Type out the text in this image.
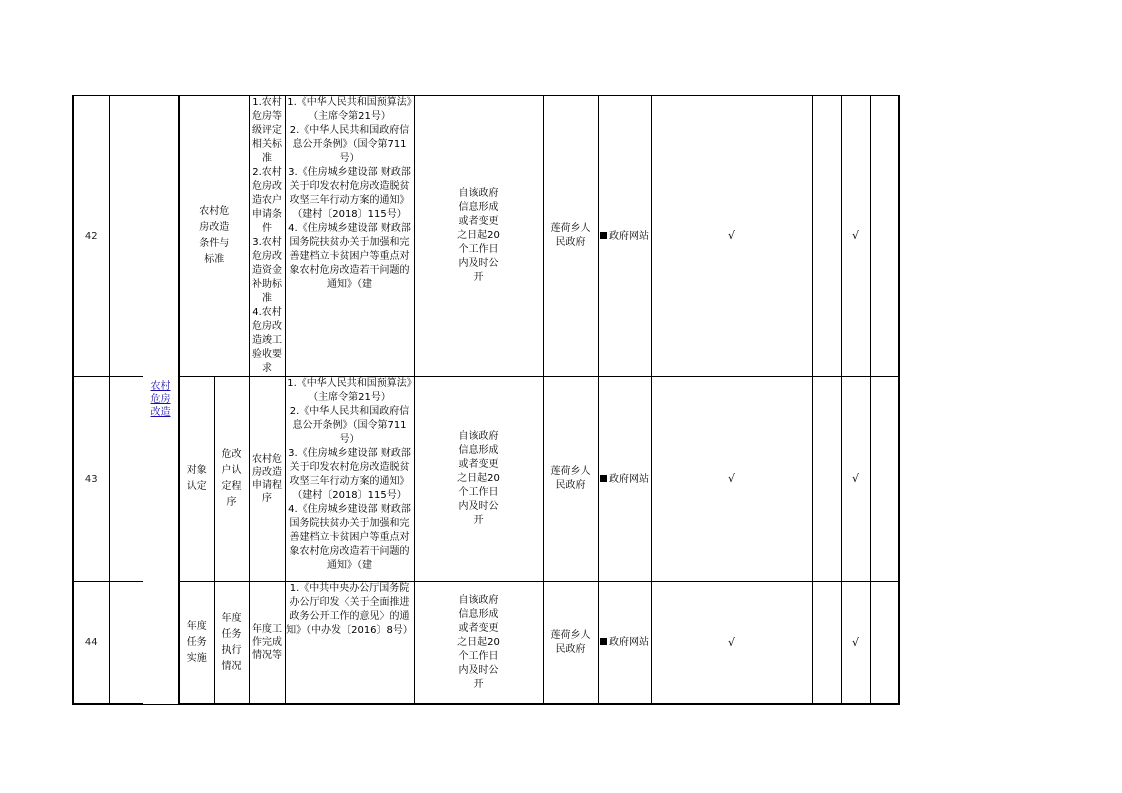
42		农村危房改造	农村危房改造条件与标准		1.农村危房等级评定相关标准
2.农村危房改造农户申请条件
3.农村危房改造资金补助标准
4.农村危房改造竣工验收要求	1.《中华人民共和国预算法》（主席令第21号）
2.《中华人民共和国政府信息公开条例》（国令第711号）
3.《住房城乡建设部 财政部关于印发农村危房改造脱贫攻坚三年行动方案的通知》（建村〔2018〕115号）
4.《住房城乡建设部 财政部 国务院扶贫办关于加强和完善建档立卡贫困户等重点对象农村危房改造若干问题的通知》（建	自该政府信息形成或者变更之日起20个工作日内及时公开	莲荷乡人民政府	政府网站	√		√	
43			对象认定	危改户认定程序	农村危房改造申请程序	1.《中华人民共和国预算法》（主席令第21号）
2.《中华人民共和国政府信息公开条例》（国令第711号）
3.《住房城乡建设部 财政部关于印发农村危房改造脱贫攻坚三年行动方案的通知》（建村〔2018〕115号）
4.《住房城乡建设部 财政部 国务院扶贫办关于加强和完善建档立卡贫困户等重点对象农村危房改造若干问题的通知》（建	自该政府信息形成或者变更之日起20个工作日内及时公开	莲荷乡人民政府	政府网站	√		√	
44			年度任务实施	年度任务执行情况	年度工作完成情况等	1.《中共中央办公厅国务院办公厅印发〈关于全面推进政务公开工作的意见〉的通知》（中办发〔2016〕8号）	自该政府信息形成或者变更之日起20个工作日内及时公开	莲荷乡人民政府	政府网站	√		√	
